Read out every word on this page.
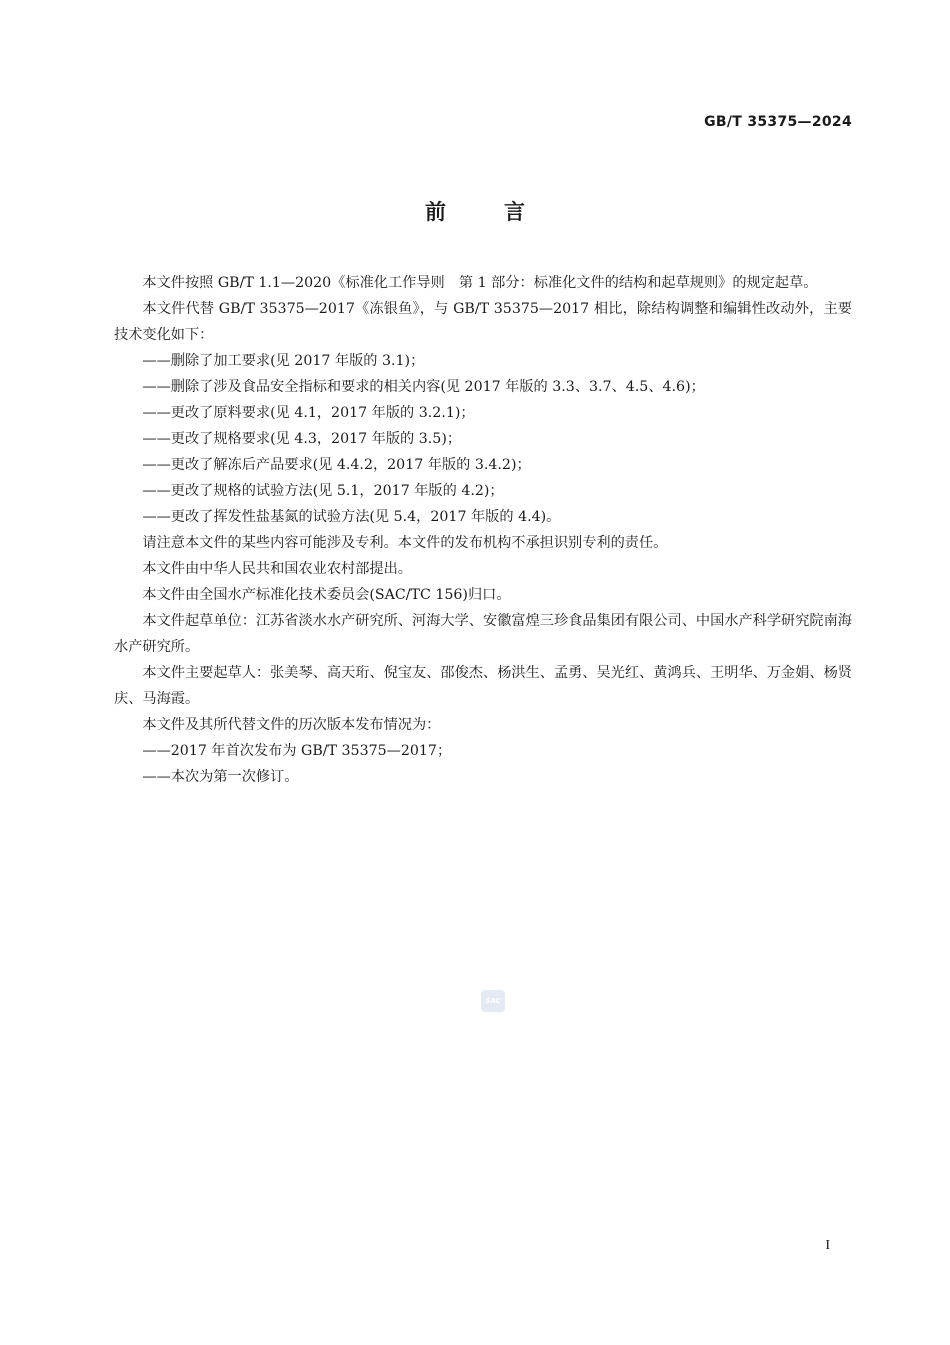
GB/T 35375—2024
前言

本文件按照 GB/T 1.1—2020《标准化工作导则　第 1 部分：标准化文件的结构和起草规则》的规定起草。

本文件代替 GB/T 35375—2017《冻银鱼》，与 GB/T 35375—2017 相比，除结构调整和编辑性改动外，主要技术变化如下：

——删除了加工要求(见 2017 年版的 3.1)；

——删除了涉及食品安全指标和要求的相关内容(见 2017 年版的 3.3、3.7、4.5、4.6)；

——更改了原料要求(见 4.1，2017 年版的 3.2.1)；

——更改了规格要求(见 4.3，2017 年版的 3.5)；

——更改了解冻后产品要求(见 4.4.2，2017 年版的 3.4.2)；

——更改了规格的试验方法(见 5.1，2017 年版的 4.2)；

——更改了挥发性盐基氮的试验方法(见 5.4，2017 年版的 4.4)。

请注意本文件的某些内容可能涉及专利。本文件的发布机构不承担识别专利的责任。

本文件由中华人民共和国农业农村部提出。

本文件由全国水产标准化技术委员会(SAC/TC 156)归口。

本文件起草单位：江苏省淡水水产研究所、河海大学、安徽富煌三珍食品集团有限公司、中国水产科学研究院南海水产研究所。

本文件主要起草人：张美琴、高天珩、倪宝友、邵俊杰、杨洪生、孟勇、吴光红、黄鸿兵、王明华、万金娟、杨贤庆、马海霞。

本文件及其所代替文件的历次版本发布情况为：

——2017 年首次发布为 GB/T 35375—2017；

——本次为第一次修订。

SAC
I
